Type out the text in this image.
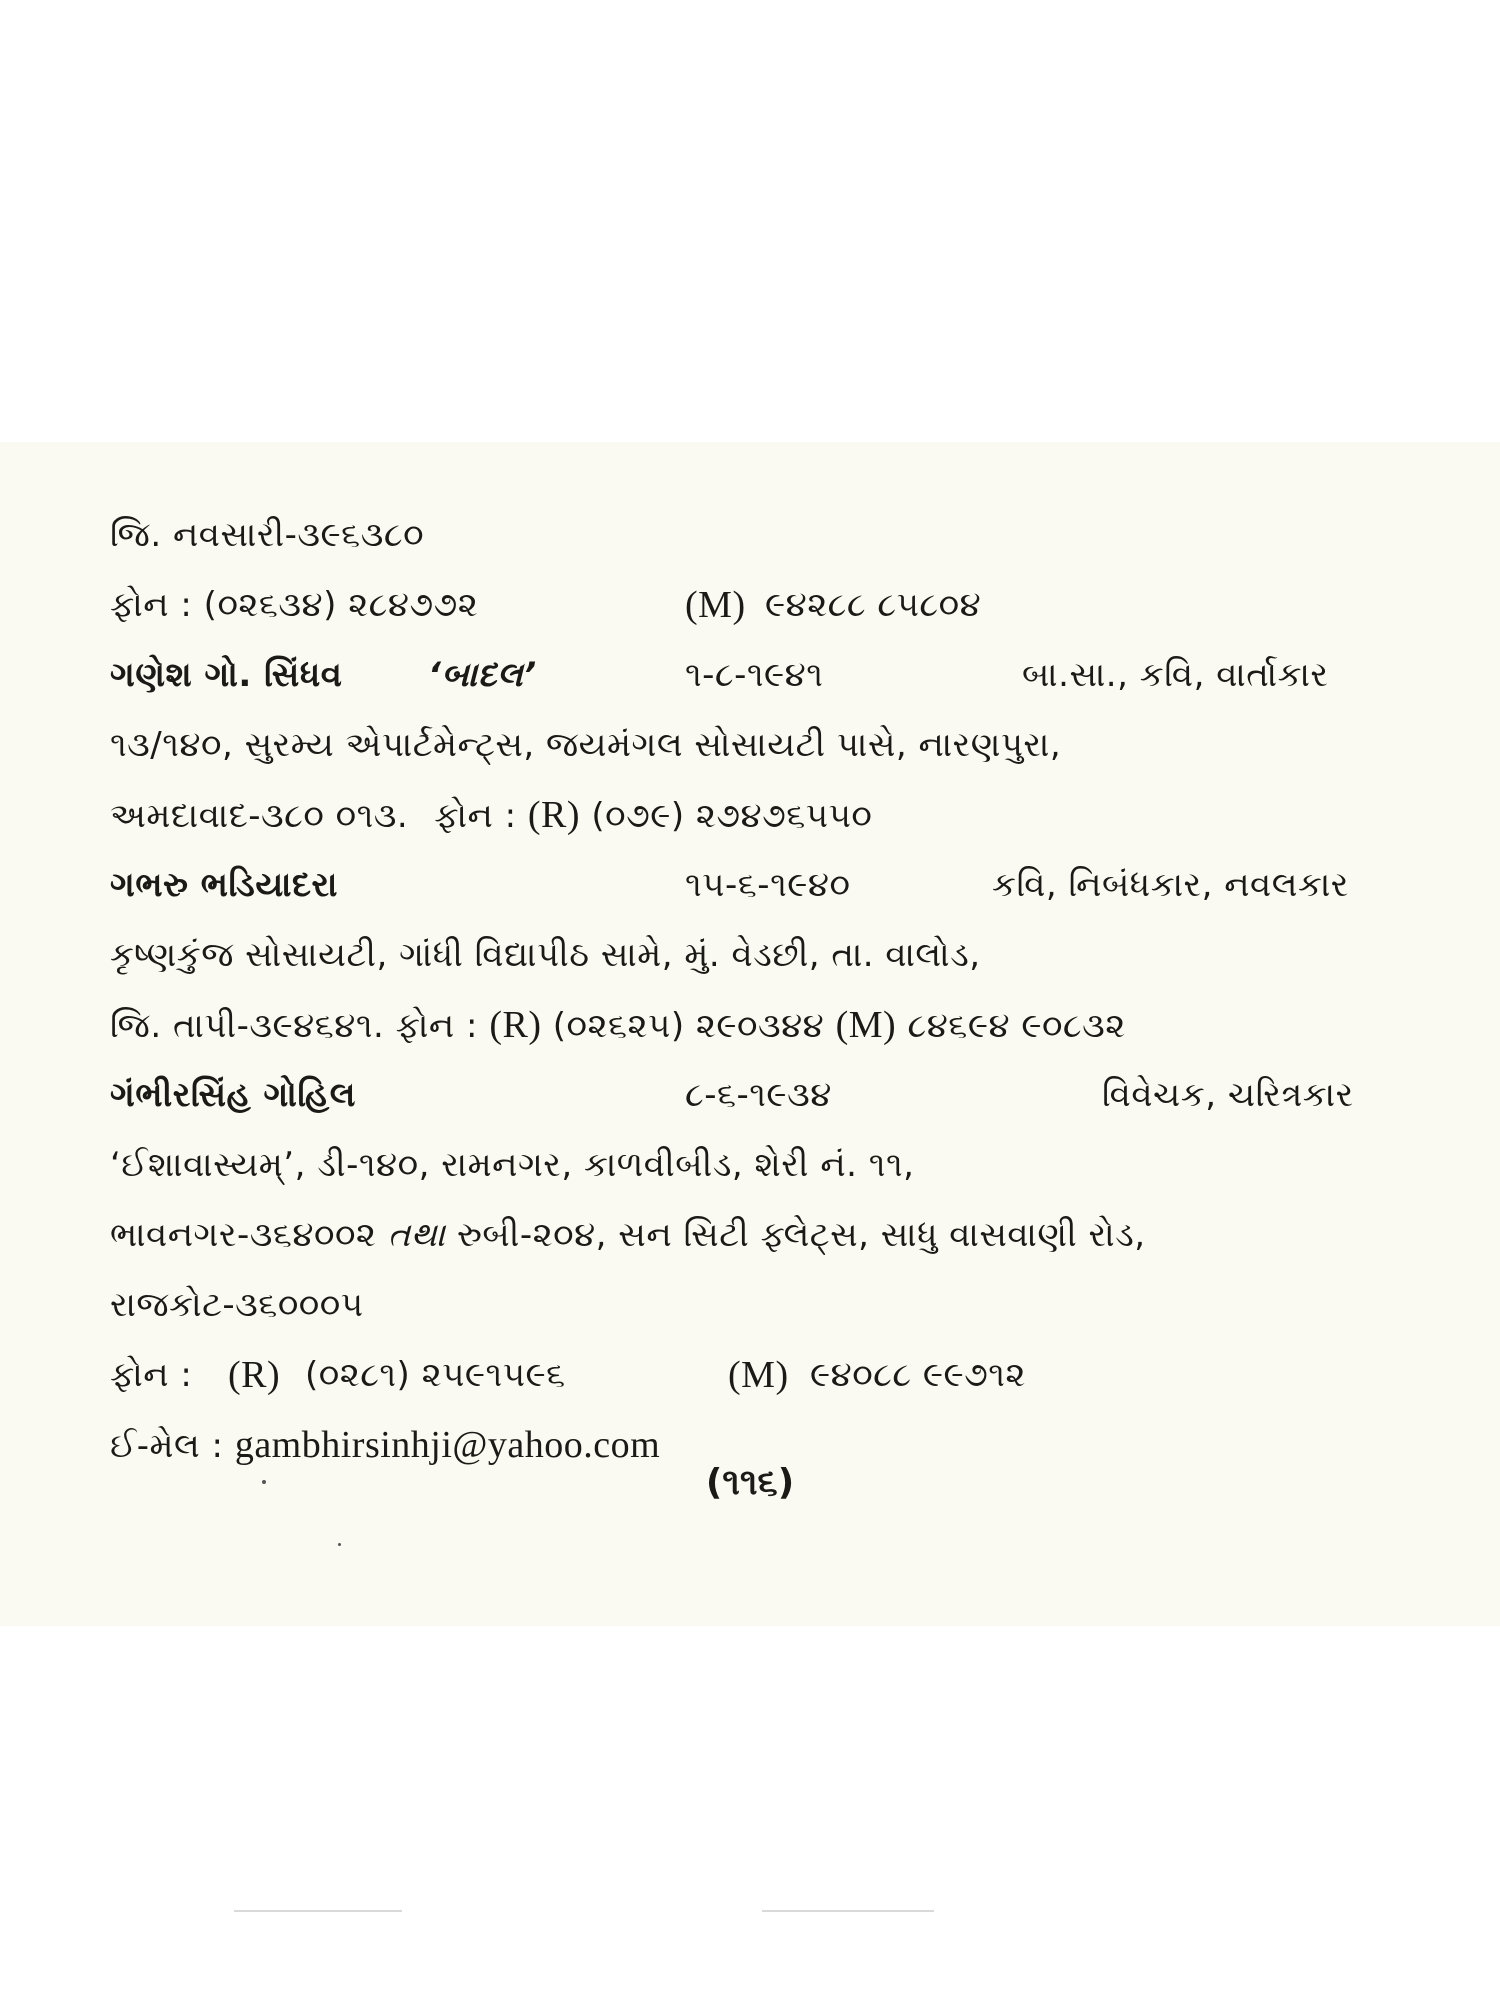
જિ. નવસારી-૩૯૬૩૮૦
ફોન : (૦૨૬૩૪) ૨૮૪૭૭૨	(M) ૯૪૨૮૮ ૮૫૮૦૪
ગણેશ ગો. સિંધવ	‘બાદલ’	૧-૮-૧૯૪૧	બા.સા., કવિ, વાર્તાકાર
૧૩/૧૪૦, સુરમ્ય એપાર્ટમેન્ટ્સ, જયમંગલ સોસાયટી પાસે, નારણપુરા,
અમદાવાદ-૩૮૦ ૦૧૩. ફોન : (R) (૦૭૯) ૨૭૪૭૬૫૫૦
ગભરુ ભડિયાદરા	૧૫-૬-૧૯૪૦	કવિ, નિબંધકાર, નવલકાર
કૃષ્ણકુંજ સોસાયટી, ગાંધી વિદ્યાપીઠ સામે, મું. વેડછી, તા. વાલોડ,
જિ. તાપી-૩૯૪૬૪૧. ફોન : (R) (૦૨૬૨૫) ૨૯૦૩૪૪ (M) ૮૪૬૯૪ ૯૦૮૩૨
ગંભીરસિંહ ગોહિલ	૮-૬-૧૯૩૪	વિવેચક, ચરિત્રકાર
‘ઈશાવાસ્યમ્’, ડી-૧૪૦, રામનગર, કાળવીબીડ, શેરી નં. ૧૧,
ભાવનગર-૩૬૪૦૦૨ તથા રુબી-૨૦૪, સન સિટી ફ્લેટ્સ, સાધુ વાસવાણી રોડ,
રાજકોટ-૩૬૦૦૦૫
ફોન : (R) (૦૨૮૧) ૨૫૯૧૫૯૬	(M) ૯૪૦૮૮ ૯૯૭૧૨
ઈ-મેલ : gambhirsinhji@yahoo.com
(૧૧૬)
